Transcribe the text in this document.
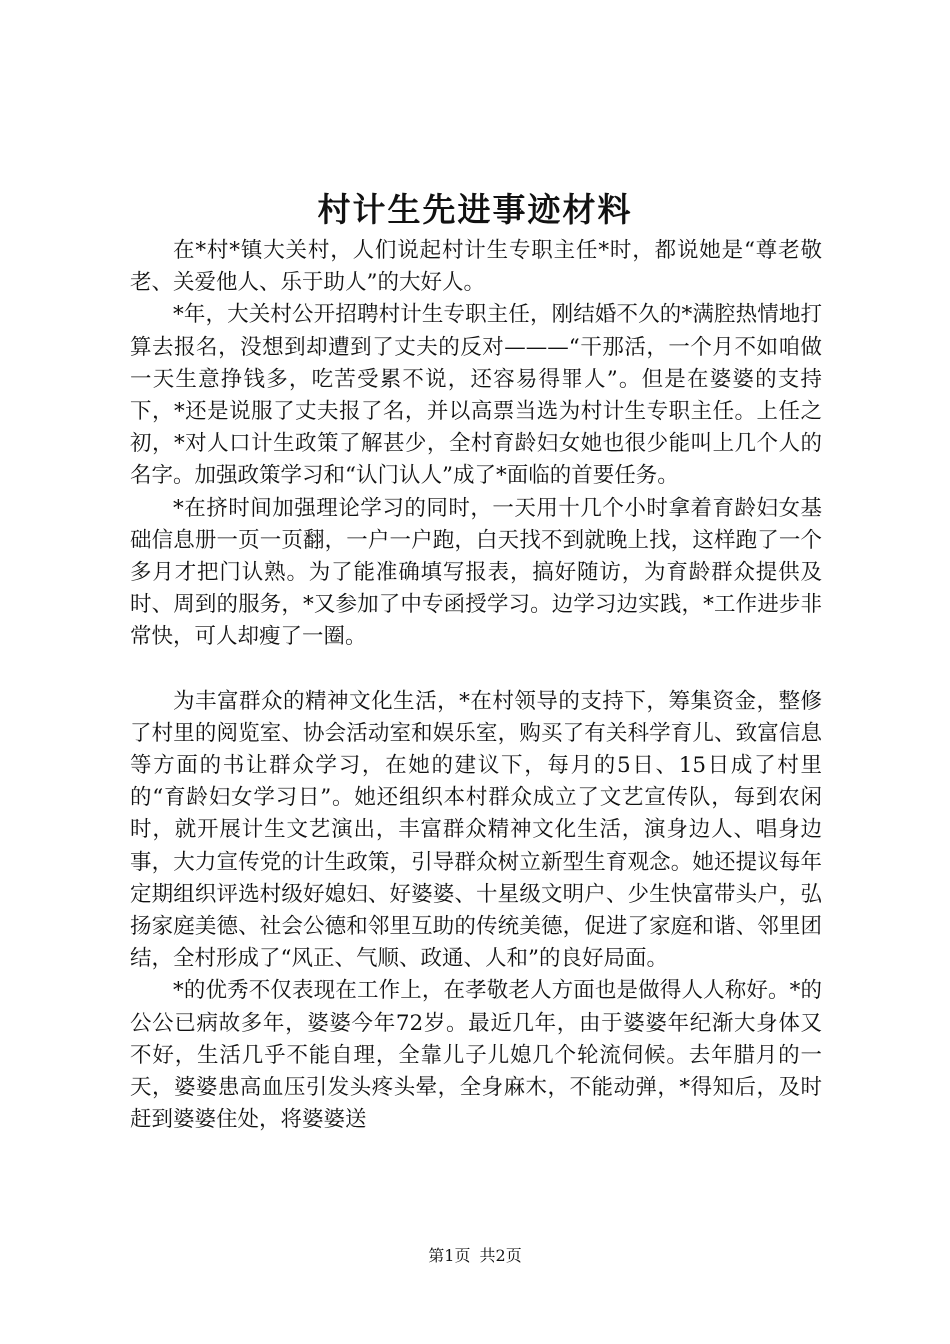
村计生先进事迹材料

在*村*镇大关村，人们说起村计生专职主任*时，都说她是“尊老敬老、关爱他人、乐于助人”的大好人。

*年，大关村公开招聘村计生专职主任，刚结婚不久的*满腔热情地打算去报名，没想到却遭到了丈夫的反对———“干那活，一个月不如咱做一天生意挣钱多，吃苦受累不说，还容易得罪人”。但是在婆婆的支持下，*还是说服了丈夫报了名，并以高票当选为村计生专职主任。上任之初，*对人口计生政策了解甚少，全村育龄妇女她也很少能叫上几个人的名字。加强政策学习和“认门认人”成了*面临的首要任务。

*在挤时间加强理论学习的同时，一天用十几个小时拿着育龄妇女基础信息册一页一页翻，一户一户跑，白天找不到就晚上找，这样跑了一个多月才把门认熟。为了能准确填写报表，搞好随访，为育龄群众提供及时、周到的服务，*又参加了中专函授学习。边学习边实践，*工作进步非常快，可人却瘦了一圈。

为丰富群众的精神文化生活，*在村领导的支持下，筹集资金，整修了村里的阅览室、协会活动室和娱乐室，购买了有关科学育儿、致富信息等方面的书让群众学习，在她的建议下，每月的5日、15日成了村里的“育龄妇女学习日”。她还组织本村群众成立了文艺宣传队，每到农闲时，就开展计生文艺演出，丰富群众精神文化生活，演身边人、唱身边事，大力宣传党的计生政策，引导群众树立新型生育观念。她还提议每年定期组织评选村级好媳妇、好婆婆、十星级文明户、少生快富带头户，弘扬家庭美德、社会公德和邻里互助的传统美德，促进了家庭和谐、邻里团结，全村形成了“风正、气顺、政通、人和”的良好局面。

*的优秀不仅表现在工作上，在孝敬老人方面也是做得人人称好。*的公公已病故多年，婆婆今年72岁。最近几年，由于婆婆年纪渐大身体又不好，生活几乎不能自理，全靠儿子儿媳几个轮流伺候。去年腊月的一天，婆婆患高血压引发头疼头晕，全身麻木，不能动弹，*得知后，及时赶到婆婆住处，将婆婆送

第1页 共2页
